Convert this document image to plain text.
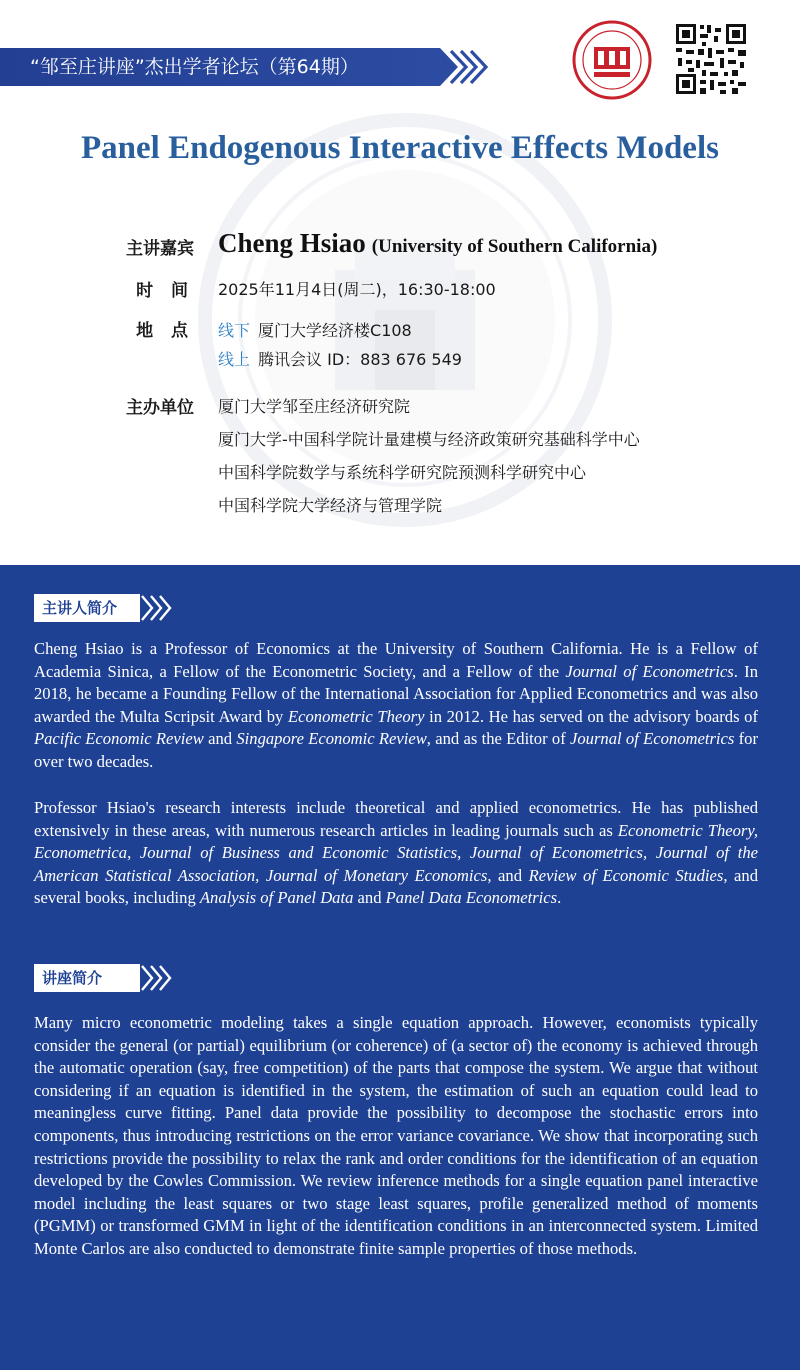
“邹至庄讲座”杰出学者论坛（第64期）
Panel Endogenous Interactive Effects Models
主讲嘉宾 Cheng Hsiao (University of Southern California)
时 间 2025年11月4日(周二)，16:30-18:00
地 点 线下 厦门大学经济楼C108
线上 腾讯会议 ID：883 676 549
主办单位 厦门大学邹至庄经济研究院
厦门大学-中国科学院计量建模与经济政策研究基础科学中心
中国科学院数学与系统科学研究院预测科学研究中心
中国科学院大学经济与管理学院
主讲人简介
Cheng Hsiao is a Professor of Economics at the University of Southern California. He is a Fellow of Academia Sinica, a Fellow of the Econometric Society, and a Fellow of the Journal of Econometrics. In 2018, he became a Founding Fellow of the International Association for Applied Econometrics and was also awarded the Multa Scripsit Award by Econometric Theory in 2012. He has served on the advisory boards of Pacific Economic Review and Singapore Economic Review, and as the Editor of Journal of Econometrics for over two decades.
Professor Hsiao's research interests include theoretical and applied econometrics. He has published extensively in these areas, with numerous research articles in leading journals such as Econometric Theory, Econometrica, Journal of Business and Economic Statistics, Journal of Econometrics, Journal of the American Statistical Association, Journal of Monetary Economics, and Review of Economic Studies, and several books, including Analysis of Panel Data and Panel Data Econometrics.
讲座简介
Many micro econometric modeling takes a single equation approach. However, economists typically consider the general (or partial) equilibrium (or coherence) of (a sector of) the economy is achieved through the automatic operation (say, free competition) of the parts that compose the system. We argue that without considering if an equation is identified in the system, the estimation of such an equation could lead to meaningless curve fitting. Panel data provide the possibility to decompose the stochastic errors into components, thus introducing restrictions on the error variance covariance. We show that incorporating such restrictions provide the possibility to relax the rank and order conditions for the identification of an equation developed by the Cowles Commission. We review inference methods for a single equation panel interactive model including the least squares or two stage least squares, profile generalized method of moments (PGMM) or transformed GMM in light of the identification conditions in an interconnected system. Limited Monte Carlos are also conducted to demonstrate finite sample properties of those methods.
